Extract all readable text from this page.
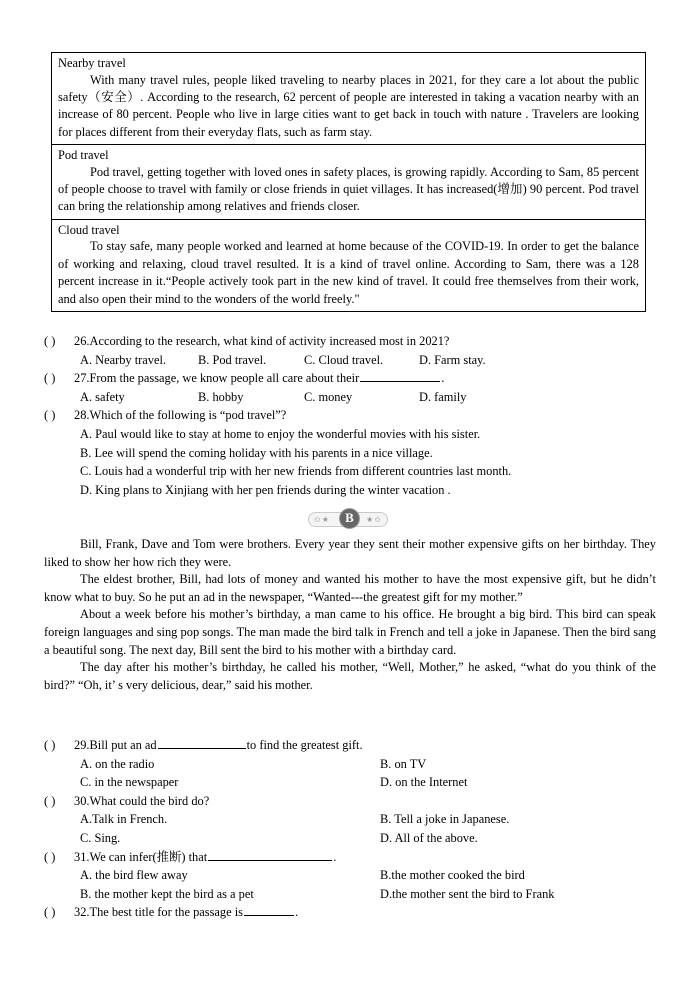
Nearby travel
With many travel rules, people liked traveling to nearby places in 2021, for they care a lot about the public safety（安全）. According to the research, 62 percent of people are interested in taking a vacation nearby with an increase of 80 percent. People who live in large cities want to get back in touch with nature . Travelers are looking for places different from their everyday flats, such as farm stay.
Pod travel
Pod travel, getting together with loved ones in safety places, is growing rapidly. According to Sam, 85 percent of people choose to travel with family or close friends in quiet villages. It has increased(增加) 90 percent. Pod travel can bring the relationship among relatives and friends closer.
Cloud travel
To stay safe, many people worked and learned at home because of the COVID-19. In order to get the balance of working and relaxing, cloud travel resulted. It is a kind of travel online. According to Sam, there was a 128 percent increase in it.“People actively took part in the new kind of travel. It could free themselves from their work, and also open their mind to the wonders of the world freely."
( ) 26.According to the research, what kind of activity increased most in 2021?
A. Nearby travel.	B. Pod travel.	C. Cloud travel.	D. Farm stay.
( ) 27.From the passage, we know people all care about their	.
A. safety	B. hobby	C. money	D. family
( ) 28.Which of the following is “pod travel”?
A. Paul would like to stay at home to enjoy the wonderful movies with his sister.
B. Lee will spend the coming holiday with his parents in a nice village.
C. Louis had a wonderful trip with her new friends from different countries last month.
D. King plans to Xinjiang with her pen friends during the winter vacation .
✩★	★✩
B
Bill, Frank, Dave and Tom were brothers. Every year they sent their mother expensive gifts on her birthday. They liked to show her how rich they were.
The eldest brother, Bill, had lots of money and wanted his mother to have the most expensive gift, but he didn’t know what to buy. So he put an ad in the newspaper, “Wanted---the greatest gift for my mother.”
About a week before his mother’s birthday, a man came to his office. He brought a big bird. This bird can speak foreign languages and sing pop songs. The man made the bird talk in French and tell a joke in Japanese. Then the bird sang a beautiful song. The next day, Bill sent the bird to his mother with a birthday card.
The day after his mother’s birthday, he called his mother, “Well, Mother,” he asked, “what do you think of the bird?” “Oh, it’ s very delicious, dear,” said his mother.
( ) 29.Bill put an ad	to find the greatest gift.
A. on the radio	B. on TV
C. in the newspaper	D. on the Internet
( ) 30.What could the bird do?
A.Talk in French.	B. Tell a joke in Japanese.
C. Sing.	D. All of the above.
( ) 31.We can infer(推断) that	.
A. the bird flew away	B.the mother cooked the bird
B. the mother kept the bird as a pet	D.the mother sent the bird to Frank
( ) 32.The best title for the passage is	.
